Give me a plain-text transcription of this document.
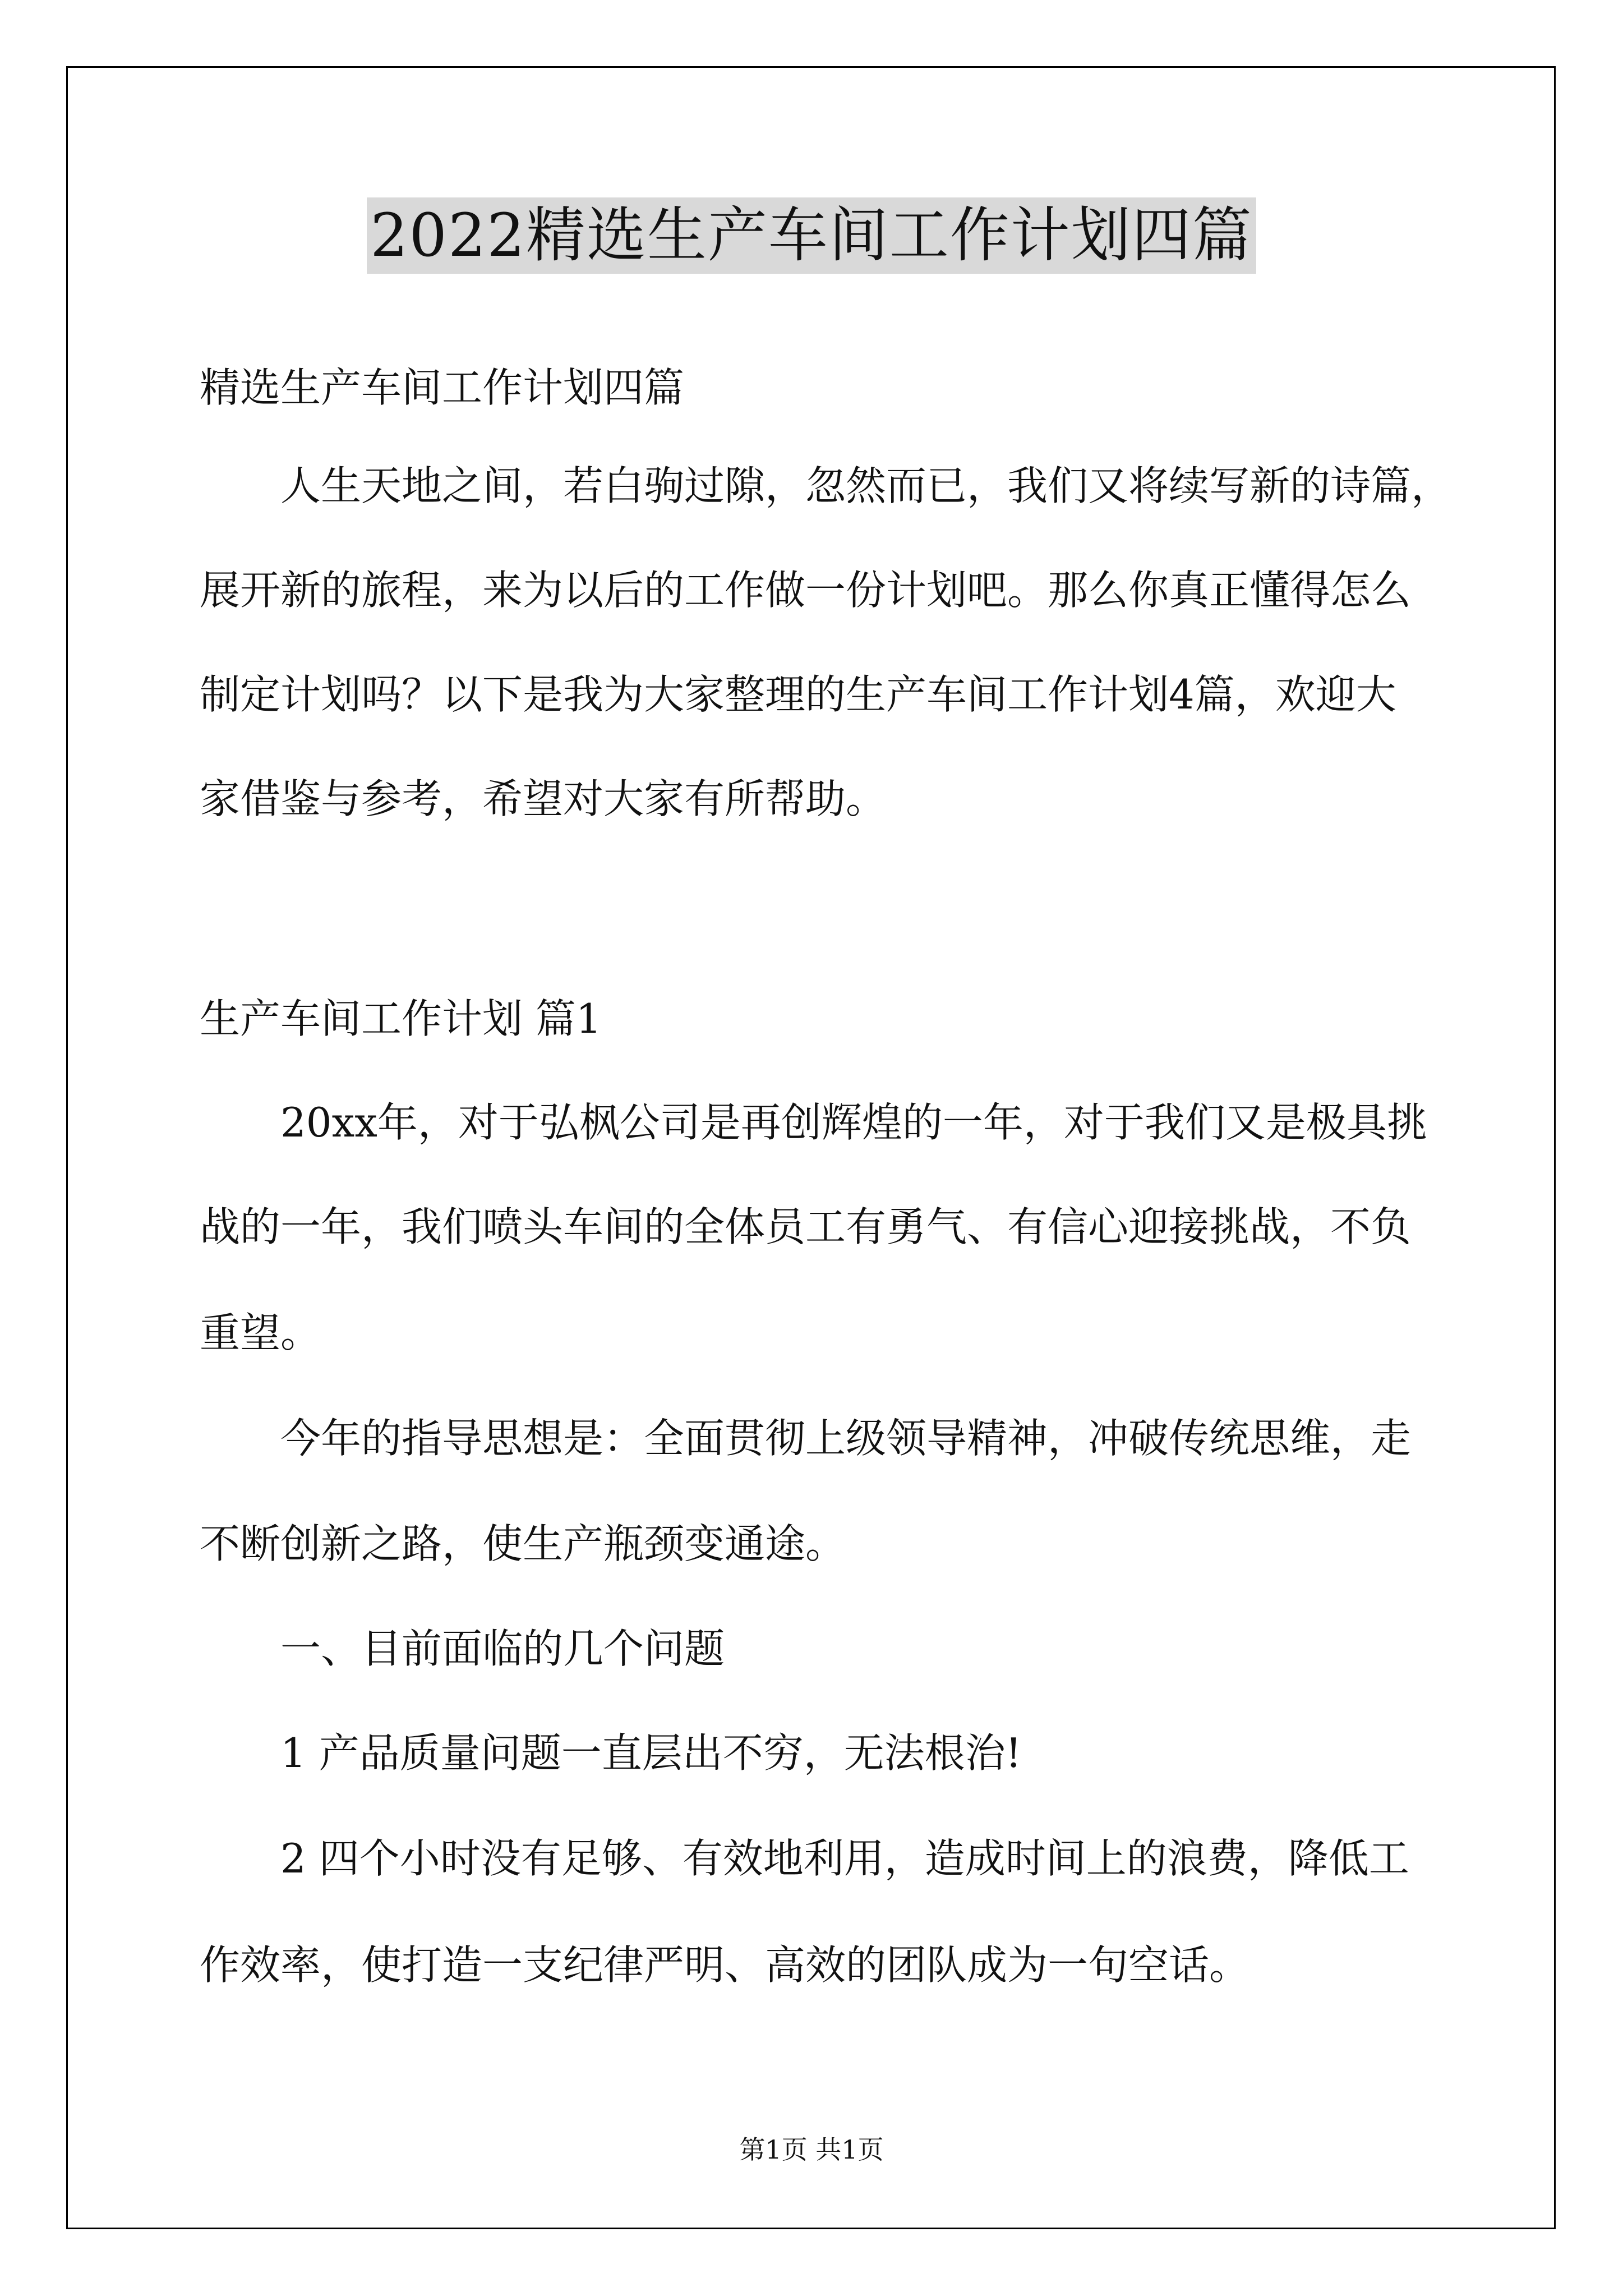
2022精选生产车间工作计划四篇
精选生产车间工作计划四篇
人生天地之间，若白驹过隙，忽然而已，我们又将续写新的诗篇，
展开新的旅程，来为以后的工作做一份计划吧。那么你真正懂得怎么
制定计划吗？以下是我为大家整理的生产车间工作计划4篇，欢迎大
家借鉴与参考，希望对大家有所帮助。
生产车间工作计划 篇1
20xx年，对于弘枫公司是再创辉煌的一年，对于我们又是极具挑
战的一年，我们喷头车间的全体员工有勇气、有信心迎接挑战，不负
重望。
今年的指导思想是：全面贯彻上级领导精神，冲破传统思维，走
不断创新之路，使生产瓶颈变通途。
一、目前面临的几个问题
1 产品质量问题一直层出不穷，无法根治!
2 四个小时没有足够、有效地利用，造成时间上的浪费，降低工
作效率，使打造一支纪律严明、高效的团队成为一句空话。
第1页 共1页
